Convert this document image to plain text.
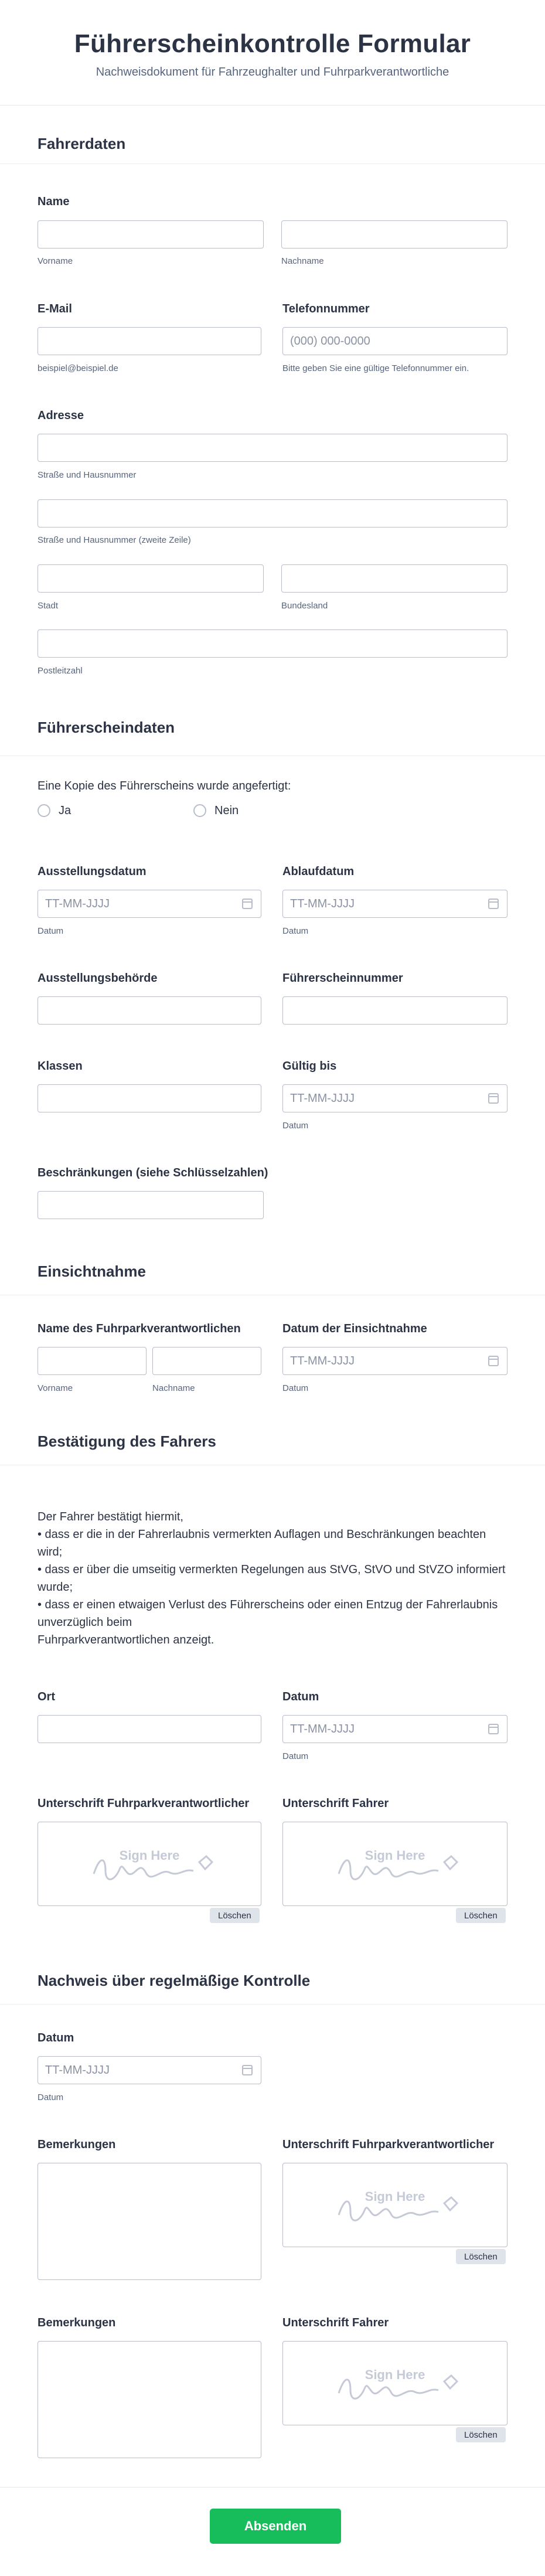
Führerscheinkontrolle Formular

Nachweisdokument für Fahrzeughalter und Fuhrparkverantwortliche

Fahrerdaten
Name
Vorname	Nachname
E-Mail
beispiel@beispiel.de
Telefonnummer
(000) 000-0000
Bitte geben Sie eine gültige Telefonnummer ein.
Adresse
Straße und Hausnummer
Straße und Hausnummer (zweite Zeile)
Stadt	Bundesland
Postleitzahl
Führerscheindaten
Eine Kopie des Führerscheins wurde angefertigt:
Ja	Nein
Ausstellungsdatum
TT-MM-JJJJ
Datum
Ablaufdatum
TT-MM-JJJJ
Datum
Ausstellungsbehörde	Führerscheinnummer
Klassen	Gültig bis
TT-MM-JJJJ
Datum
Beschränkungen (siehe Schlüsselzahlen)
Einsichtnahme
Name des Fuhrparkverantwortlichen
Vorname	Nachname
Datum der Einsichtnahme
TT-MM-JJJJ
Datum
Bestätigung des Fahrers
Der Fahrer bestätigt hiermit,
• dass er die in der Fahrerlaubnis vermerkten Auflagen und Beschränkungen beachten
wird;
• dass er über die umseitig vermerkten Regelungen aus StVG, StVO und StVZO informiert
wurde;
• dass er einen etwaigen Verlust des Führerscheins oder einen Entzug der Fahrerlaubnis
unverzüglich beim
Fuhrparkverantwortlichen anzeigt.
Ort	Datum
TT-MM-JJJJ
Datum
Unterschrift Fuhrparkverantwortlicher
Sign Here
Löschen
Unterschrift Fahrer
Sign Here
Löschen
Nachweis über regelmäßige Kontrolle
Datum
TT-MM-JJJJ
Datum
Bemerkungen	Unterschrift Fuhrparkverantwortlicher
Sign Here
Löschen
Bemerkungen	Unterschrift Fahrer
Sign Here
Löschen
Absenden
